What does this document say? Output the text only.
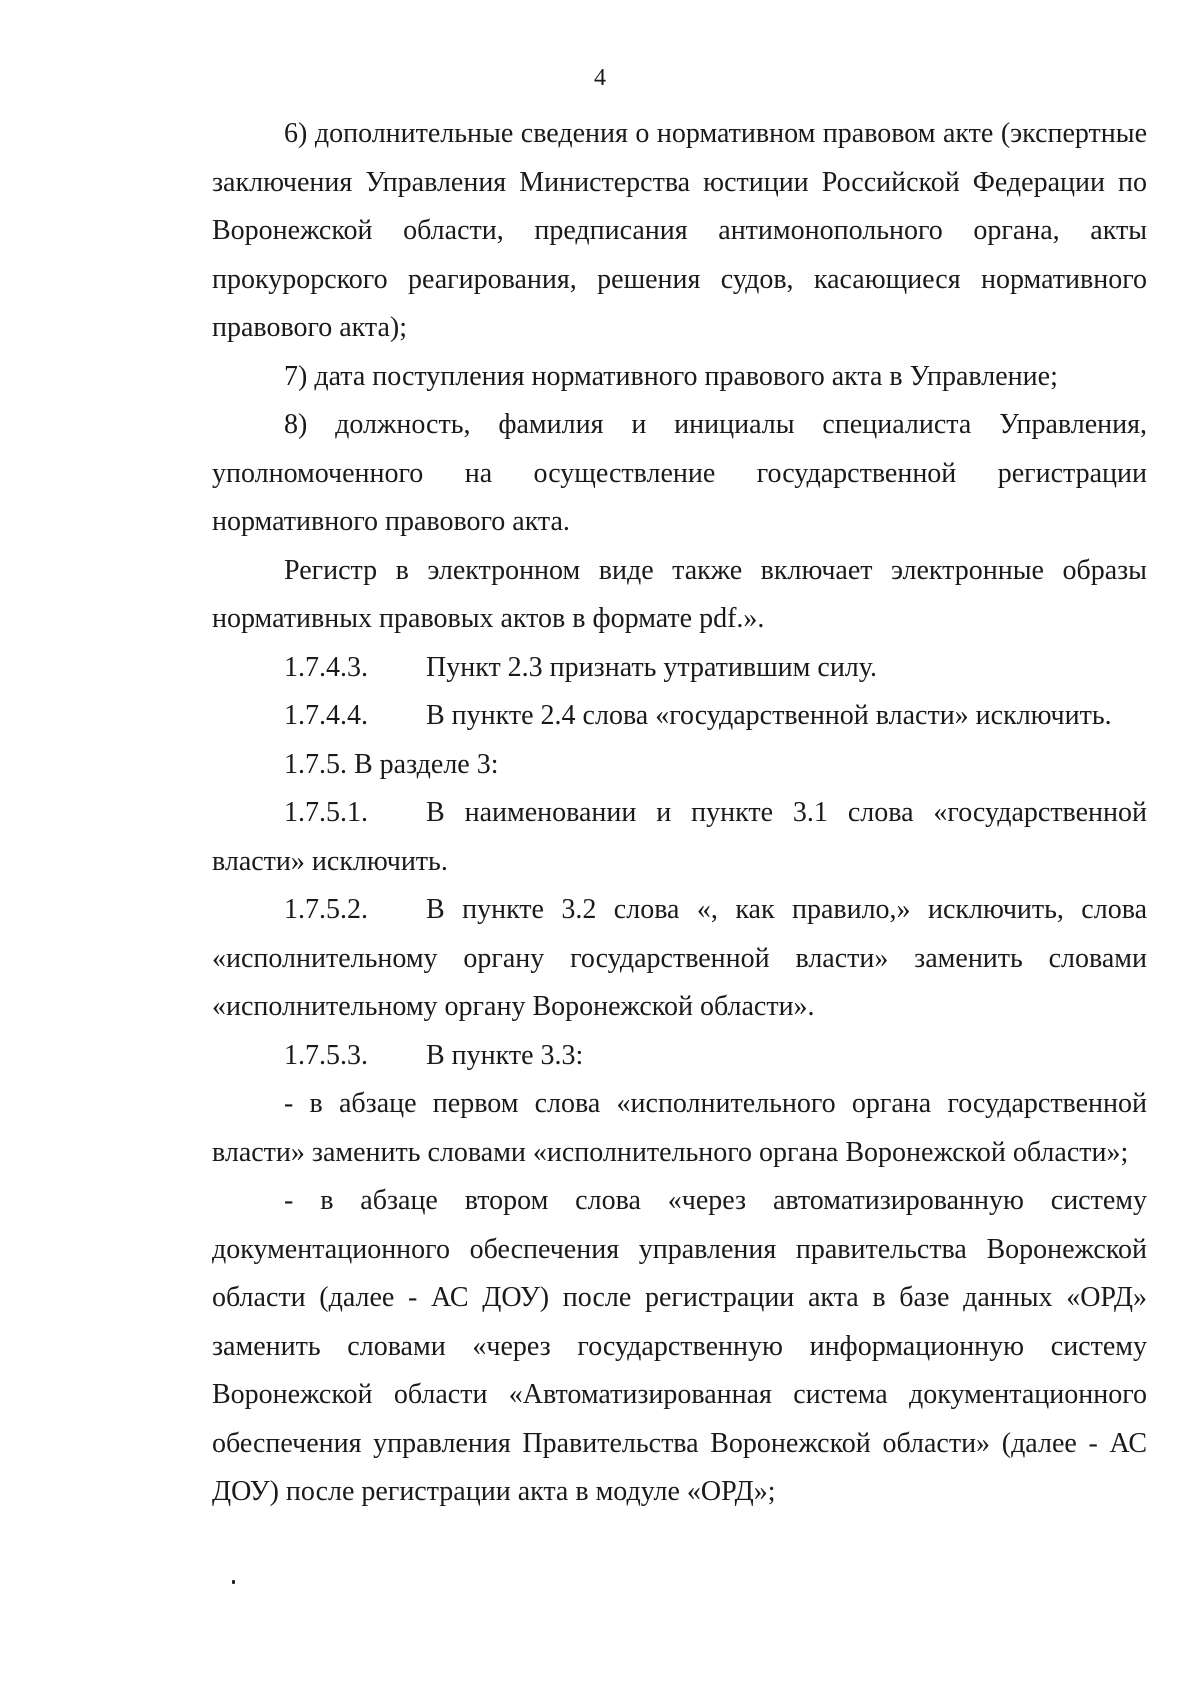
4

6) дополнительные сведения о нормативном правовом акте (экспертные заключения Управления Министерства юстиции Российской Федерации по Воронежской области, предписания антимонопольного органа, акты прокурорского реагирования, решения судов, касающиеся нормативного правового акта);

7) дата поступления нормативного правового акта в Управление;

8) должность, фамилия и инициалы специалиста Управления, уполномоченного на осуществление государственной регистрации нормативного правового акта.

Регистр в электронном виде также включает электронные образы нормативных правовых актов в формате pdf.».

1.7.4.3. Пункт 2.3 признать утратившим силу.

1.7.4.4. В пункте 2.4 слова «государственной власти» исключить.

1.7.5. В разделе 3:

1.7.5.1. В наименовании и пункте 3.1 слова «государственной власти» исключить.

1.7.5.2. В пункте 3.2 слова «, как правило,» исключить, слова «исполнительному органу государственной власти» заменить словами «исполнительному органу Воронежской области».

1.7.5.3. В пункте 3.3:

- в абзаце первом слова «исполнительного органа государственной власти» заменить словами «исполнительного органа Воронежской области»;

- в абзаце втором слова «через автоматизированную систему документационного обеспечения управления правительства Воронежской области (далее - АС ДОУ) после регистрации акта в базе данных «ОРД» заменить словами «через государственную информационную систему Воронежской области «Автоматизированная система документационного обеспечения управления Правительства Воронежской области» (далее - АС ДОУ) после регистрации акта в модуле «ОРД»;
